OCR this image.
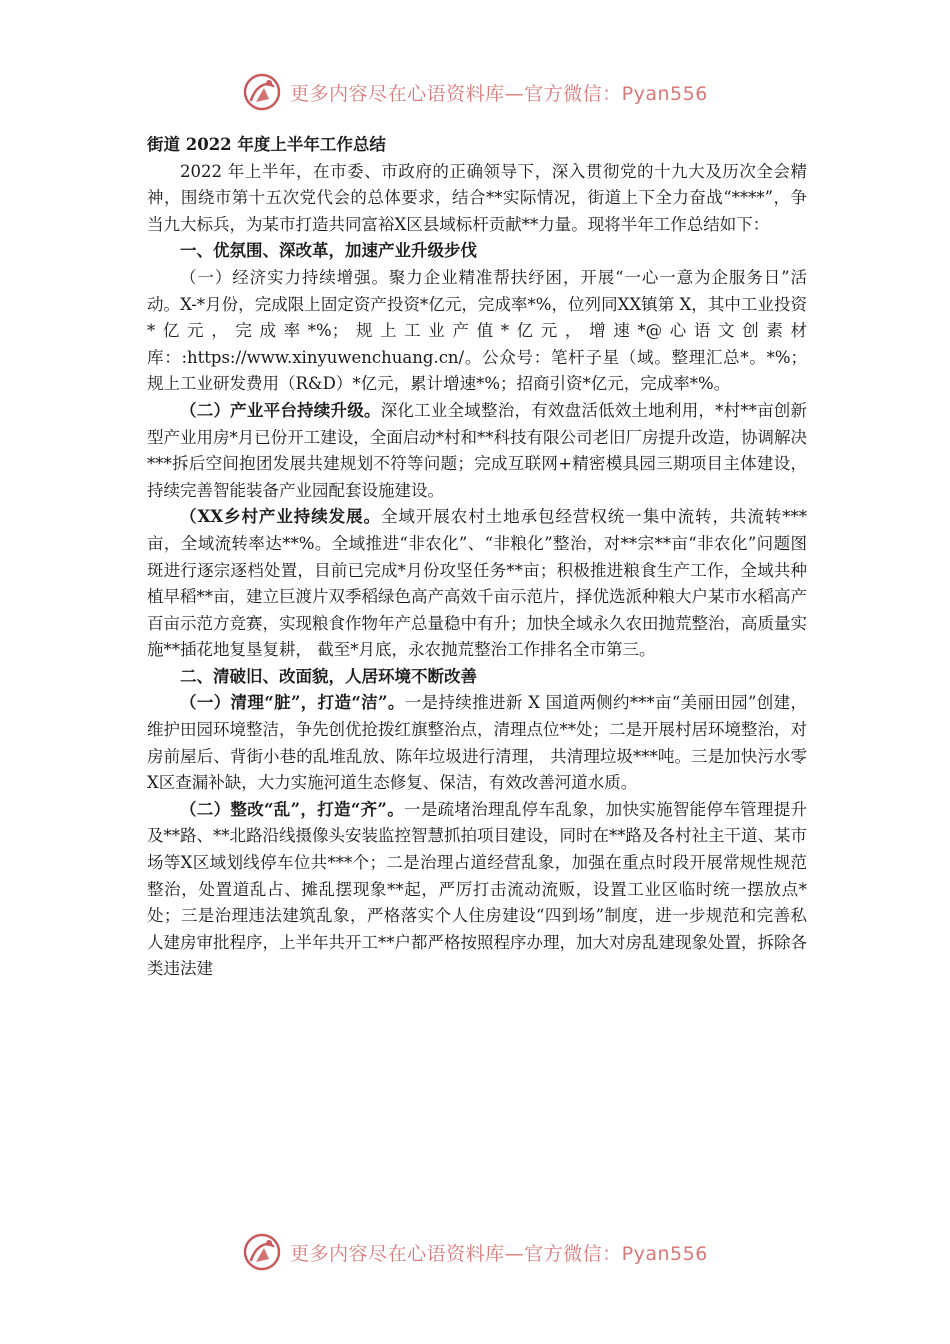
更多内容尽在心语资料库—官方微信：Pyan556

街道 2022 年度上半年工作总结

2022 年上半年，在市委、市政府的正确领导下，深入贯彻党的十九大及历次全会精神，围绕市第十五次党代会的总体要求，结合**实际情况，街道上下全力奋战“****”，争当九大标兵，为某市打造共同富裕X区县域标杆贡献**力量。现将半年工作总结如下：

一、优氛围、深改革，加速产业升级步伐

（一）经济实力持续增强。聚力企业精准帮扶纾困，开展“一心一意为企服务日”活动。X-*月份，完成限上固定资产投资*亿元，完成率*%，位列同XX镇第 X，其中工业投资*亿元，完成率*%；规上工业产值*亿元，增速*@心语文创素材库：:https://www.xinyuwenchuang.cn/。公众号：笔杆子星（域。整理汇总*。*%；规上工业研发费用（R&D）*亿元，累计增速*%；招商引资*亿元，完成率*%。

（二）产业平台持续升级。深化工业全域整治，有效盘活低效土地利用，*村**亩创新型产业用房*月已份开工建设，全面启动*村和**科技有限公司老旧厂房提升改造，协调解决***拆后空间抱团发展共建规划不符等问题；完成互联网+精密模具园三期项目主体建设，持续完善智能装备产业园配套设施建设。

（XX乡村产业持续发展。全域开展农村土地承包经营权统一集中流转，共流转***亩，全域流转率达**%。全域推进“非农化”、“非粮化”整治，对**宗**亩“非农化”问题图斑进行逐宗逐档处置，目前已完成*月份攻坚任务**亩；积极推进粮食生产工作，全域共种植早稻**亩，建立巨渡片双季稻绿色高产高效千亩示范片，择优选派种粮大户某市水稻高产百亩示范方竞赛，实现粮食作物年产总量稳中有升；加快全域永久农田抛荒整治，高质量实施**插花地复垦复耕， 截至*月底，永农抛荒整治工作排名全市第三。

二、清破旧、改面貌，人居环境不断改善

（一）清理“脏”，打造“洁”。一是持续推进新 X 国道两侧约***亩“美丽田园”创建，维护田园环境整洁，争先创优抢拨红旗整治点，清理点位**处；二是开展村居环境整治，对房前屋后、背街小巷的乱堆乱放、陈年垃圾进行清理， 共清理垃圾***吨。三是加快污水零X区查漏补缺，大力实施河道生态修复、保洁，有效改善河道水质。

（二）整改“乱”，打造“齐”。一是疏堵治理乱停车乱象，加快实施智能停车管理提升及**路、**北路沿线摄像头安装监控智慧抓拍项目建设，同时在**路及各村社主干道、某市场等X区域划线停车位共***个；二是治理占道经营乱象，加强在重点时段开展常规性规范整治，处置道乱占、摊乱摆现象**起，严厉打击流动流贩，设置工业区临时统一摆放点*处；三是治理违法建筑乱象，严格落实个人住房建设“四到场”制度，进一步规范和完善私人建房审批程序，上半年共开工**户都严格按照程序办理，加大对房乱建现象处置，拆除各类违法建

更多内容尽在心语资料库—官方微信：Pyan556
